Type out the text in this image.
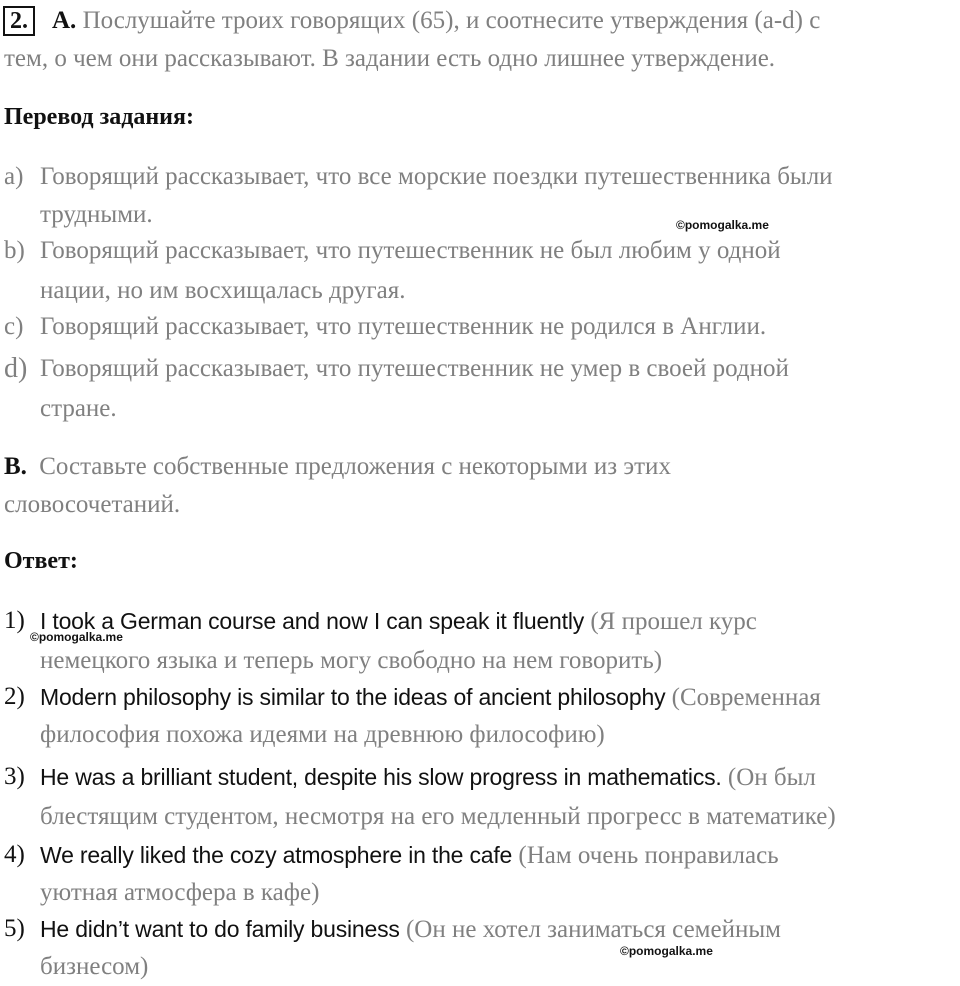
2. A. Послушайте троих говорящих (65), и соотнесите утверждения (a-d) с
тем, о чем они рассказывают. В задании есть одно лишнее утверждение.
Перевод задания:
a) Говорящий рассказывает, что все морские поездки путешественника были
трудными.
b) Говорящий рассказывает, что путешественник не был любим у одной
нации, но им восхищалась другая.
c) Говорящий рассказывает, что путешественник не родился в Англии.
d) Говорящий рассказывает, что путешественник не умер в своей родной
стране.
B. Составьте собственные предложения с некоторыми из этих
словосочетаний.
Ответ:
1) I took a German course and now I can speak it fluently (Я прошел курс
немецкого языка и теперь могу свободно на нем говорить)
2) Modern philosophy is similar to the ideas of ancient philosophy (Современная
философия похожа идеями на древнюю философию)
3) He was a brilliant student, despite his slow progress in mathematics. (Он был
блестящим студентом, несмотря на его медленный прогресс в математике)
4) We really liked the cozy atmosphere in the cafe (Нам очень понравилась
уютная атмосфера в кафе)
5) He didn’t want to do family business (Он не хотел заниматься семейным
бизнесом)
©pomogalka.me
©pomogalka.me
©pomogalka.me
